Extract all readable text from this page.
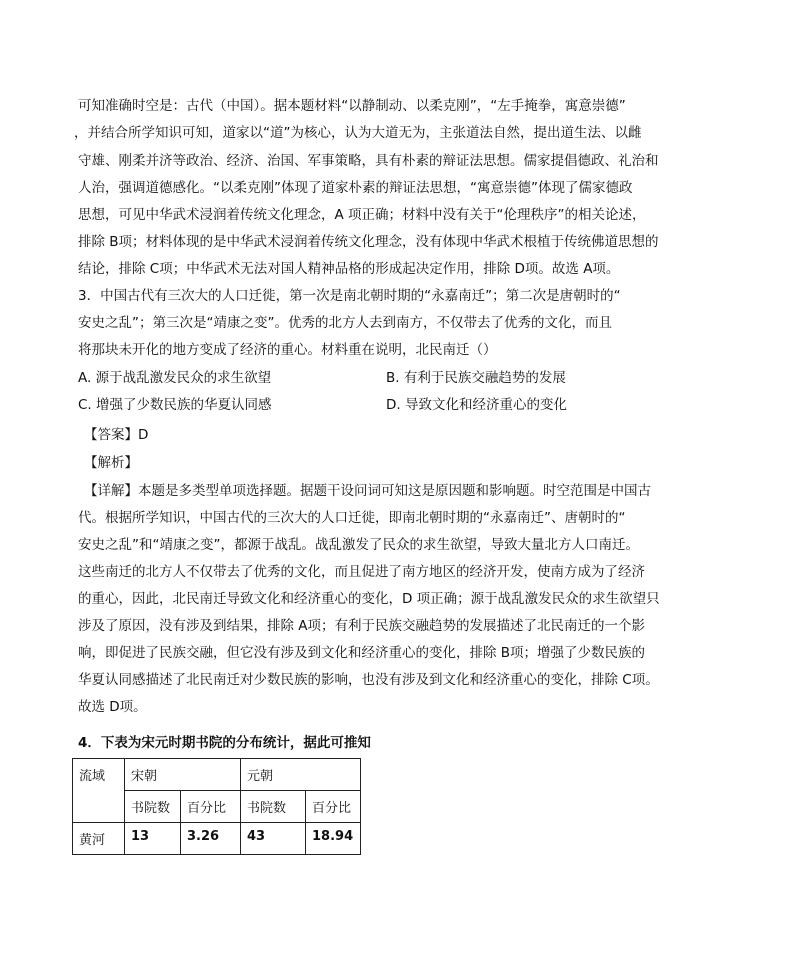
可知准确时空是：古代（中国）。据本题材料“以静制动、以柔克刚”，“左手掩拳，寓意崇德”
，并结合所学知识可知，道家以“道”为核心，认为大道无为，主张道法自然，提出道生法、以雌
守雄、刚柔并济等政治、经济、治国、军事策略，具有朴素的辩证法思想。儒家提倡德政、礼治和
人治，强调道德感化。“以柔克刚”体现了道家朴素的辩证法思想，“寓意崇德”体现了儒家德政
思想，可见中华武术浸润着传统文化理念，A 项正确；材料中没有关于“伦理秩序”的相关论述，
排除 B项；材料体现的是中华武术浸润着传统文化理念，没有体现中华武术根植于传统佛道思想的
结论，排除 C项；中华武术无法对国人精神品格的形成起决定作用，排除 D项。故选 A项。
3．中国古代有三次大的人口迁徙，第一次是南北朝时期的“永嘉南迁”；第二次是唐朝时的“
安史之乱”；第三次是“靖康之变”。优秀的北方人去到南方，不仅带去了优秀的文化，而且
将那块未开化的地方变成了经济的重心。材料重在说明，北民南迁（）
A. 源于战乱激发民众的求生欲望	B. 有利于民族交融趋势的发展
C. 增强了少数民族的华夏认同感	D. 导致文化和经济重心的变化
【答案】D
【解析】
【详解】本题是多类型单项选择题。据题干设问词可知这是原因题和影响题。时空范围是中国古
代。根据所学知识，中国古代的三次大的人口迁徙，即南北朝时期的“永嘉南迁”、唐朝时的“
安史之乱”和“靖康之变”，都源于战乱。战乱激发了民众的求生欲望，导致大量北方人口南迁。
这些南迁的北方人不仅带去了优秀的文化，而且促进了南方地区的经济开发，使南方成为了经济
的重心，因此，北民南迁导致文化和经济重心的变化，D 项正确；源于战乱激发民众的求生欲望只
涉及了原因，没有涉及到结果，排除 A项；有利于民族交融趋势的发展描述了北民南迁的一个影
响，即促进了民族交融，但它没有涉及到文化和经济重心的变化，排除 B项；增强了少数民族的
华夏认同感描述了北民南迁对少数民族的影响，也没有涉及到文化和经济重心的变化，排除 C项。
故选 D项。
4．下表为宋元时期书院的分布统计，据此可推知
流域	宋朝		元朝	
	书院数	百分比	书院数	百分比
黄河	13	3.26	43	18.94
